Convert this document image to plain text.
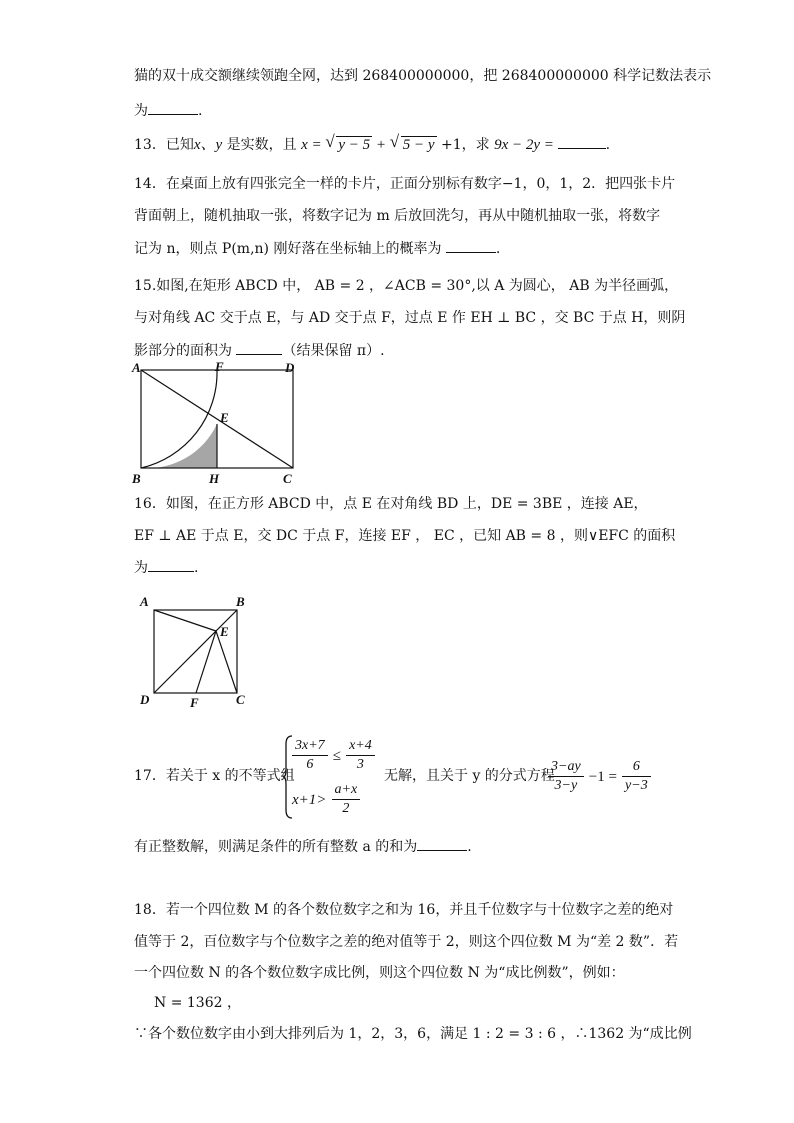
猫的双十成交额继续领跑全网，达到 268400000000，把 268400000000 科学记数法表示
为	.
13．已知x、y 是实数，且 x = √ y − 5 + √ 5 − y +1，求 9x − 2y =	.
14．在桌面上放有四张完全一样的卡片，正面分别标有数字−1，0，1，2．把四张卡片
背面朝上，随机抽取一张，将数字记为 m 后放回洗匀，再从中随机抽取一张，将数字
记为 n，则点 P(m,n) 刚好落在坐标轴上的概率为	.
15.如图,在矩形 ABCD 中， AB = 2 ，∠ACB = 30°,以 A 为圆心， AB 为半径画弧，
与对角线 AC 交于点 E，与 AD 交于点 F，过点 E 作 EH ⊥ BC ，交 BC 于点 H，则阴
影部分的面积为	（结果保留 π）.
A	F	D
E
B	H	C
16．如图，在正方形 ABCD 中，点 E 在对角线 BD 上，DE = 3BE ，连接 AE，
EF ⊥ AE 于点 E，交 DC 于点 F，连接 EF ， EC ，已知 AB = 8 ，则∨EFC 的面积
为	.
A	B
E
D	F	C
17．若关于 x 的不等式组
$\frac{3x+7}{6} \le \frac{x+4}{3}$
$x+1> \frac{a+x}{2}$
无解，且关于 y 的分式方程
$\frac{3-ay}{3-y} -1 = \frac{6}{y-3}$
有正整数解，则满足条件的所有整数 a 的和为	.
18．若一个四位数 M 的各个数位数字之和为 16，并且千位数字与十位数字之差的绝对
值等于 2，百位数字与个位数字之差的绝对值等于 2，则这个四位数 M 为“差 2 数”．若
一个四位数 N 的各个数位数字成比例，则这个四位数 N 为“成比例数”，例如：
N = 1362 ，
∵各个数位数字由小到大排列后为 1，2，3，6，满足 1 : 2 = 3 : 6 ，∴1362 为“成比例
